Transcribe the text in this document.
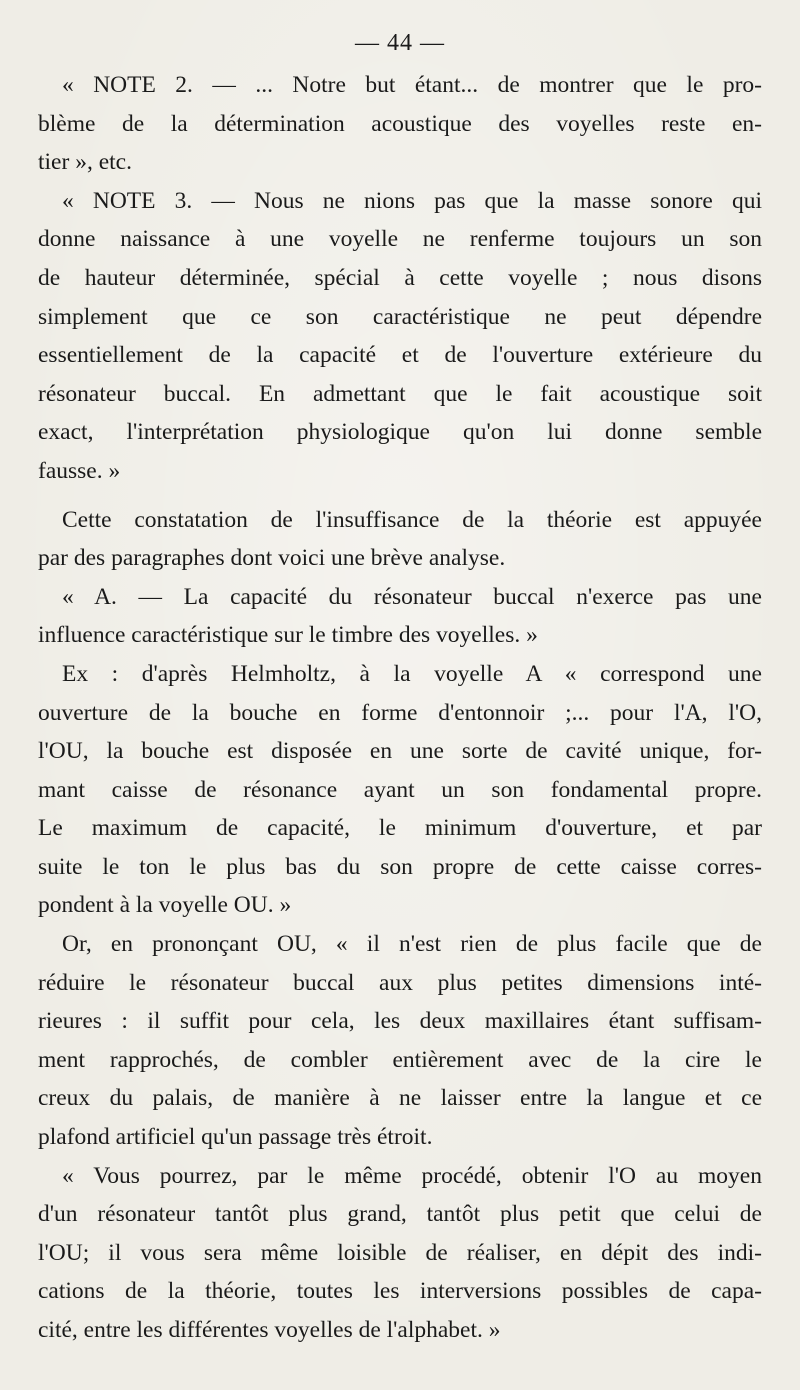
— 44 —
« NOTE 2. — ... Notre but étant... de montrer que le pro-
blème de la détermination acoustique des voyelles reste en-
tier », etc.
« NOTE 3. — Nous ne nions pas que la masse sonore qui
donne naissance à une voyelle ne renferme toujours un son
de hauteur déterminée, spécial à cette voyelle ; nous disons
simplement que ce son caractéristique ne peut dépendre
essentiellement de la capacité et de l'ouverture extérieure du
résonateur buccal. En admettant que le fait acoustique soit
exact, l'interprétation physiologique qu'on lui donne semble
fausse. »
Cette constatation de l'insuffisance de la théorie est appuyée
par des paragraphes dont voici une brève analyse.
« A. — La capacité du résonateur buccal n'exerce pas une
influence caractéristique sur le timbre des voyelles. »
Ex : d'après Helmholtz, à la voyelle A « correspond une
ouverture de la bouche en forme d'entonnoir ;... pour l'A, l'O,
l'OU, la bouche est disposée en une sorte de cavité unique, for-
mant caisse de résonance ayant un son fondamental propre.
Le maximum de capacité, le minimum d'ouverture, et par
suite le ton le plus bas du son propre de cette caisse corres-
pondent à la voyelle OU. »
Or, en prononçant OU, « il n'est rien de plus facile que de
réduire le résonateur buccal aux plus petites dimensions inté-
rieures : il suffit pour cela, les deux maxillaires étant suffisam-
ment rapprochés, de combler entièrement avec de la cire le
creux du palais, de manière à ne laisser entre la langue et ce
plafond artificiel qu'un passage très étroit.
« Vous pourrez, par le même procédé, obtenir l'O au moyen
d'un résonateur tantôt plus grand, tantôt plus petit que celui de
l'OU; il vous sera même loisible de réaliser, en dépit des indi-
cations de la théorie, toutes les interversions possibles de capa-
cité, entre les différentes voyelles de l'alphabet. »
